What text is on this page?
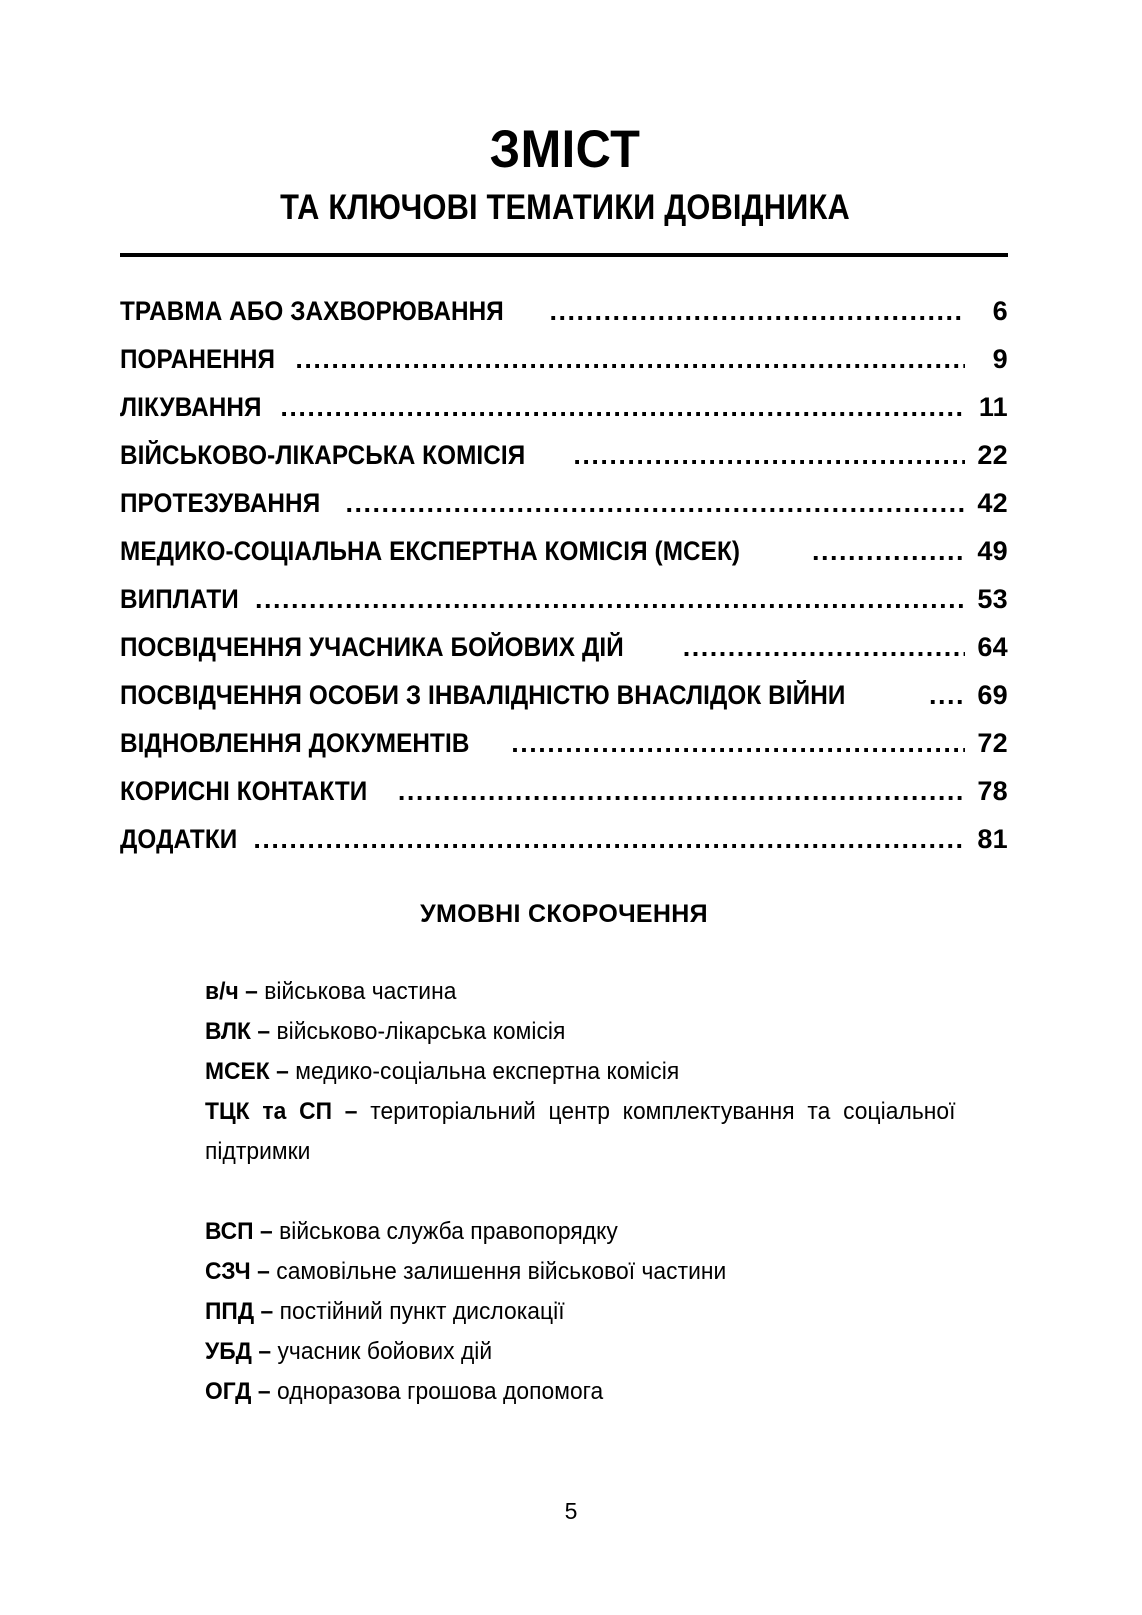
ЗМІСТ
ТА КЛЮЧОВІ ТЕМАТИКИ ДОВІДНИКА
ТРАВМА АБО ЗАХВОРЮВАННЯ .....	6
ПОРАНЕННЯ .....	9
ЛІКУВАННЯ .....	11
ВІЙСЬКОВО-ЛІКАРСЬКА КОМІСІЯ .....	22
ПРОТЕЗУВАННЯ .....	42
МЕДИКО-СОЦІАЛЬНА ЕКСПЕРТНА КОМІСІЯ (МСЕК) .....	49
ВИПЛАТИ .....	53
ПОСВІДЧЕННЯ УЧАСНИКА БОЙОВИХ ДІЙ .....	64
ПОСВІДЧЕННЯ ОСОБИ З ІНВАЛІДНІСТЮ ВНАСЛІДОК ВІЙНИ .....	69
ВІДНОВЛЕННЯ ДОКУМЕНТІВ .....	72
КОРИСНІ КОНТАКТИ .....	78
ДОДАТКИ .....	81
УМОВНІ СКОРОЧЕННЯ
в/ч – військова частина
ВЛК – військово-лікарська комісія
МСЕК – медико-соціальна експертна комісія
ТЦК та СП – територіальний центр комплектування та соціальної підтримки
ВСП – військова служба правопорядку
СЗЧ – самовільне залишення військової частини
ППД – постійний пункт дислокації
УБД – учасник бойових дій
ОГД – одноразова грошова допомога
5
